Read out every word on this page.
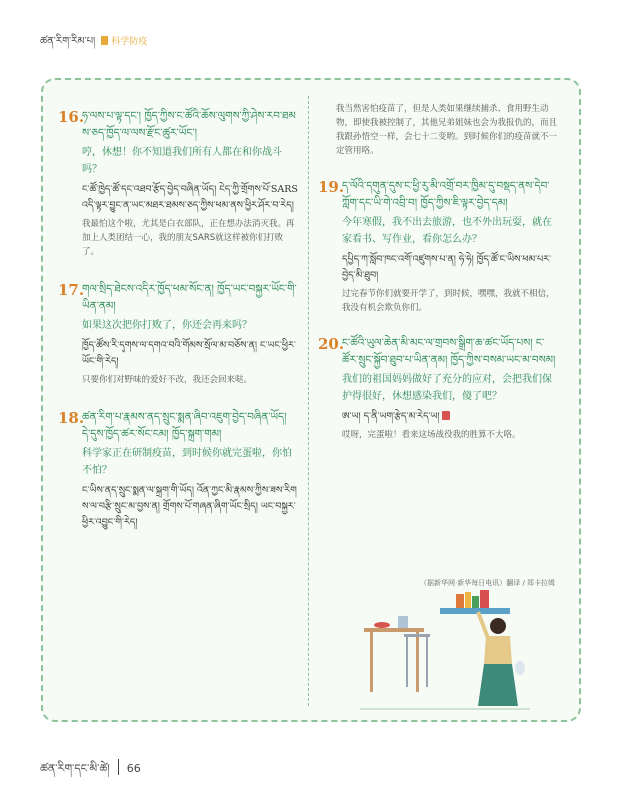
ཚན་རིག་རིམ་པ། 科学防疫
16.
ཧ་ལས་པ་ལྟ་དང་། ཁྱོད་ཀྱིས་ང་ཚོའི་ཆོས་ལུགས་ཀྱི་ཤེས་རབ་ཐམས་ཅད་ཁྱོད་ལ་ལས་རྫོང་ཚུར་ཡོང་།
哼，休想！你不知道我们所有人都在和你战斗吗？
ང་ཚོ་ཁྱེད་ཚོ་དང་འཐབ་རྩོད་བྱེད་བཞིན་ཡོད། ངེད་ཀྱི་གྲོགས་པོ་SARSའདི་ལྟར་བྱུང་ན་ཡང་མཐར་ཐམས་ཅད་ཀྱིས་ཕམ་ནས་ཕྱིར་ཤོར་བ་རེད།
我最怕这个啦，尤其是白衣部队，正在想办法消灭我。再加上人类团结一心，我的朋友SARS就这样被你们打败了。
17.
གལ་སྲིད་ཐེངས་འདིར་ཁྱོད་ཕམ་སོང་ན། ཁྱོད་ཡང་བསྐྱར་ཡོང་གི་ཡིན་ནམ།
如果这次把你打败了，你还会再来吗？
ཁྱོད་ཚོས་རི་དྭགས་ལ་དགའ་བའི་གོམས་སྲོལ་མ་བཅོས་ན། ང་ཡང་ཕྱིར་ཡོང་གི་རེད།
只要你们对野味的爱好不改，我还会回来哒。
18.
ཚན་རིག་པ་རྣམས་ནད་སྲུང་སྨན་ཞིབ་འཇུག་བྱེད་བཞིན་ཡོད། དེ་དུས་ཁྱོད་ཚར་སོང་ངམ། ཁྱོད་སྐྲག་གམ།
科学家正在研制疫苗，到时候你就完蛋啦，你怕不怕？
ང་ཡིས་ནད་སྲུང་སྨན་ལ་སྐྲག་གི་ཡོད། འོན་ཀྱང་མི་རྣམས་ཀྱིས་ཟས་རིགས་ལ་བརྩི་སྲུང་མ་བྱས་ན། གྲོགས་པོ་གཞན་ཞིག་ཡོང་སྲིད། ཡང་བསྐྱར་ཕྱིར་འབྱུང་གི་རེད།
我当然害怕疫苗了，但是人类如果继续捕杀、食用野生动物，即使我被控制了，其他兄弟姐妹也会为我报仇的，而且我跟孙悟空一样，会七十二变哟。到时候你们的疫苗就不一定管用咯。
19.
ད་ལོའི་དགུན་དུས་ང་ཕྱི་རུ་མི་འགྲོ་བར་ཁྱིམ་དུ་བསྡད་ནས་དེབ་ཀློག་དང་ཡི་གེ་འབྲི་བ། ཁྱོད་ཀྱིས་ཇི་ལྟར་བྱེད་དམ།
今年寒假，我不出去旅游，也不外出玩耍，就在家看书、写作业，看你怎么办？
དཔྱིད་ཀ་སློབ་ཁང་འགོ་འཛུགས་པ་ན། ཧེ་ཧེ། ཁྱོད་ཚོ་ང་ཡིས་ཕམ་པར་བྱེད་མི་ཐུབ།
过完春节你们就要开学了，到时候，嘿嘿，我就不相信，我没有机会欺负你们。
20.
ང་ཚོའི་ཡུལ་ཆེན་མི་མང་ལ་གྲབས་སྒྲིག་ཆ་ཚང་ཡོད་པས། ང་ཚོར་སྲུང་སྐྱོབ་ཐུབ་པ་ཡིན་ནམ། ཁྱོད་ཀྱིས་བསམ་ཡང་མ་བསམ།
我们的祖国妈妈做好了充分的应对，会把我们保护得很好，休想感染我们，傻了吧？
ཨ་ཡ། ད་ནི་ཡག་རྩེད་མ་རེད་ཡ།
哎呀，完蛋啦！看来这场战役我的胜算不大咯。
（据新华网·新华每日电讯）翻译 / 郑卡拉姆
ཚན་རིག་དང་མི་ཚེ། 66
